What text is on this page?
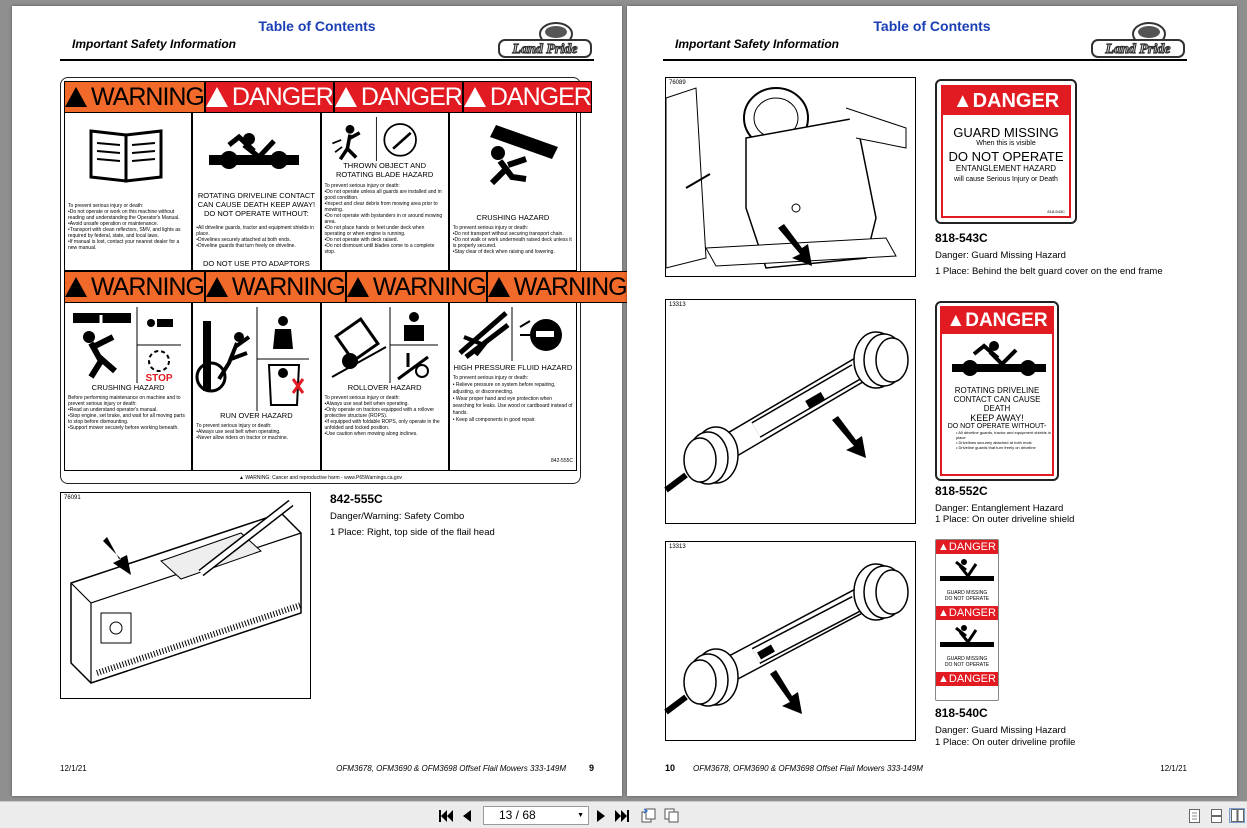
Table of Contents
Important Safety Information	Land Pride
WARNING DANGER DANGER DANGER
To prevent serious injury or death:
•Do not operate or work on this machine without reading and understanding the Operator's Manual.
•Avoid unsafe operation or maintenance.
•Transport with clean reflectors, SMV, and lights as required by federal, state, and local laws.
•If manual is lost, contact your nearest dealer for a new manual.
ROTATING DRIVELINE CONTACT CAN CAUSE DEATH KEEP AWAY! DO NOT OPERATE WITHOUT:
•All driveline guards, tractor and equipment shields in place.
•Drivelines securely attached at both ends.
•Driveline guards that turn freely on driveline.
DO NOT USE PTO ADAPTORS
THROWN OBJECT AND ROTATING BLADE HAZARD
To prevent serious injury or death:
•Do not operate unless all guards are installed and in good condition.
•Inspect and clear debris from mowing area prior to mowing.
•Do not operate with bystanders in or around mowing area.
•Do not place hands or feet under deck when operating or when engine is running.
•Do not operate with deck raised.
•Do not dismount until blades come to a complete stop.
CRUSHING HAZARD
To prevent serious injury or death:
•Do not transport without securing transport chain.
•Do not walk or work underneath raised deck unless it is properly secured.
•Stay clear of deck when raising and lowering.
WARNING WARNING WARNING WARNING
STOP
CRUSHING HAZARD
Before performing maintenance on machine and to prevent serious injury or death:
•Read an understand operator's manual.
•Stop engine, set brake, and wait for all moving parts to stop before dismounting.
•Support mower securely before working beneath.
RUN OVER HAZARD
To prevent serious injury or death:
•Always use seat belt when operating.
•Never allow riders on tractor or machine.
ROLLOVER HAZARD
To prevent serious injury or death:
•Always use seat belt when operating.
•Only operate on tractors equipped with a rollover protective structure (ROPS).
•If equipped with foldable ROPS, only operate in the unfolded and locked position.
•Use caution when mowing along inclines.
HIGH PRESSURE FLUID HAZARD
To prevent serious injury or death:
• Relieve pressure on system before repairing, adjusting, or disconnecting.
• Wear proper hand and eye protection when searching for leaks. Use wood or cardboard instead of hands.
• Keep all components in good repair.
842-555C
▲ WARNING: Cancer and reproductive harm - www.P65Warnings.ca.gov
76091	842-555C
Danger/Warning: Safety Combo
1 Place: Right, top side of the flail head
12/1/21	OFM3678, OFM3690 & OFM3698 Offset Flail Mowers 333-149M	9
Table of Contents
Important Safety Information	Land Pride
76089
▲DANGER
GUARD MISSING
When this is visible
DO NOT OPERATE
ENTANGLEMENT HAZARD
will cause Serious Injury or Death
818-543C
818-543C
Danger: Guard Missing Hazard
1 Place: Behind the belt guard cover on the end frame
13313
▲DANGER
ROTATING DRIVELINE
CONTACT CAN CAUSE DEATH
KEEP AWAY!
DO NOT OPERATE WITHOUT-
• All driveline guards, tractor and equipment shields in place
• Drivelines securely attached at both ends
• Driveline guards that turn freely on driveline
818-552C
Danger: Entanglement Hazard
1 Place: On outer driveline shield
13313	▲DANGER
GUARD MISSING
DO NOT OPERATE
▲DANGER
GUARD MISSING
DO NOT OPERATE
▲DANGER
818-540C
Danger: Guard Missing Hazard
1 Place: On outer driveline profile
10 OFM3678, OFM3690 & OFM3698 Offset Flail Mowers 333-149M	12/1/21
13 / 68	▼
